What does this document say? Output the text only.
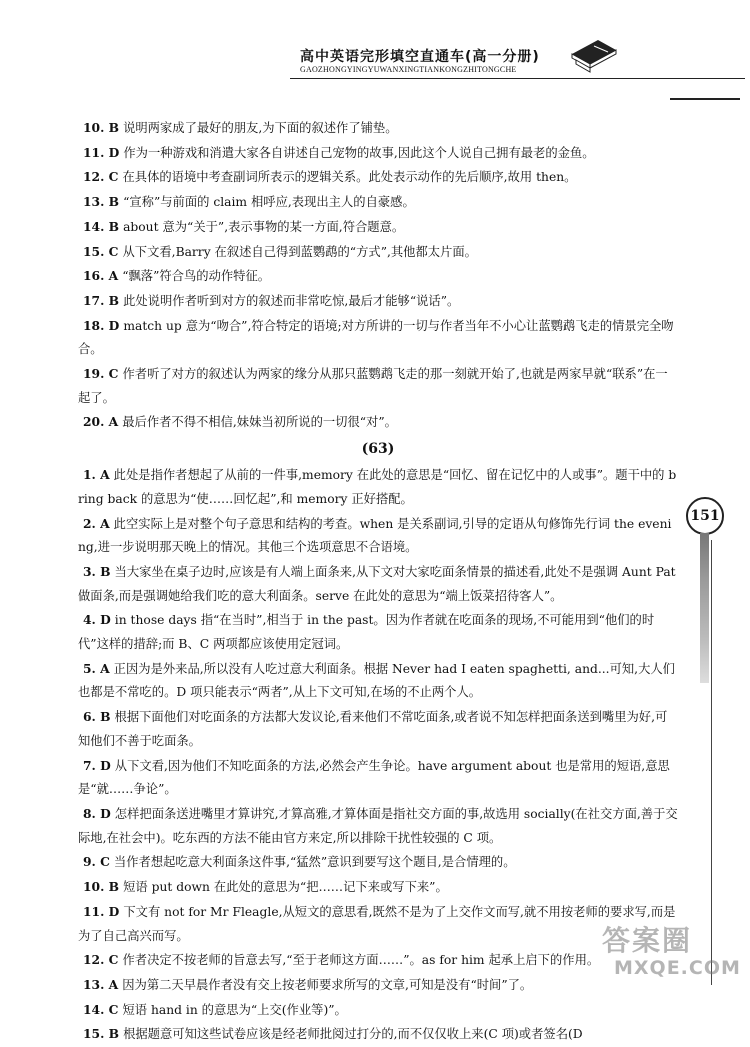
高中英语完形填空直通车(高一分册)
GAOZHONGYINGYUWANXINGTIANKONGZHITONGCHE
10. B 说明两家成了最好的朋友,为下面的叙述作了铺垫。
11. D 作为一种游戏和消遣大家各自讲述自己宠物的故事,因此这个人说自己拥有最老的金鱼。
12. C 在具体的语境中考查副词所表示的逻辑关系。此处表示动作的先后顺序,故用 then。
13. B “宣称”与前面的 claim 相呼应,表现出主人的自豪感。
14. B about 意为“关于”,表示事物的某一方面,符合题意。
15. C 从下文看,Barry 在叙述自己得到蓝鹦鹉的“方式”,其他都太片面。
16. A “飘落”符合鸟的动作特征。
17. B 此处说明作者听到对方的叙述而非常吃惊,最后才能够“说话”。
18. D match up 意为“吻合”,符合特定的语境;对方所讲的一切与作者当年不小心让蓝鹦鹉飞走的情景完全吻合。
19. C 作者听了对方的叙述认为两家的缘分从那只蓝鹦鹉飞走的那一刻就开始了,也就是两家早就“联系”在一起了。
20. A 最后作者不得不相信,妹妹当初所说的一切很“对”。
(63)
1. A 此处是指作者想起了从前的一件事,memory 在此处的意思是“回忆、留在记忆中的人或事”。题干中的 bring back 的意思为“使……回忆起”,和 memory 正好搭配。
2. A 此空实际上是对整个句子意思和结构的考查。when 是关系副词,引导的定语从句修饰先行词 the evening,进一步说明那天晚上的情况。其他三个选项意思不合语境。
3. B 当大家坐在桌子边时,应该是有人端上面条来,从下文对大家吃面条情景的描述看,此处不是强调 Aunt Pat 做面条,而是强调她给我们吃的意大利面条。serve 在此处的意思为“端上饭菜招待客人”。
4. D in those days 指“在当时”,相当于 in the past。因为作者就在吃面条的现场,不可能用到“他们的时代”这样的措辞;而 B、C 两项都应该使用定冠词。
5. A 正因为是外来品,所以没有人吃过意大利面条。根据 Never had I eaten spaghetti, and...可知,大人们也都是不常吃的。D 项只能表示“两者”,从上下文可知,在场的不止两个人。
6. B 根据下面他们对吃面条的方法都大发议论,看来他们不常吃面条,或者说不知怎样把面条送到嘴里为好,可知他们不善于吃面条。
7. D 从下文看,因为他们不知吃面条的方法,必然会产生争论。have argument about 也是常用的短语,意思是“就……争论”。
8. D 怎样把面条送进嘴里才算讲究,才算高雅,才算体面是指社交方面的事,故选用 socially(在社交方面,善于交际地,在社会中)。吃东西的方法不能由官方来定,所以排除干扰性较强的 C 项。
9. C 当作者想起吃意大利面条这件事,“猛然”意识到要写这个题目,是合情理的。
10. B 短语 put down 在此处的意思为“把……记下来或写下来”。
11. D 下文有 not for Mr Fleagle,从短文的意思看,既然不是为了上交作文而写,就不用按老师的要求写,而是为了自己高兴而写。
12. C 作者决定不按老师的旨意去写,“至于老师这方面……”。as for him 起承上启下的作用。
13. A 因为第二天早晨作者没有交上按老师要求所写的文章,可知是没有“时间”了。
14. C 短语 hand in 的意思为“上交(作业等)”。
15. B 根据题意可知这些试卷应该是经老师批阅过打分的,而不仅仅收上来(C 项)或者签名(D
151
答案圈
MXQE.COM
